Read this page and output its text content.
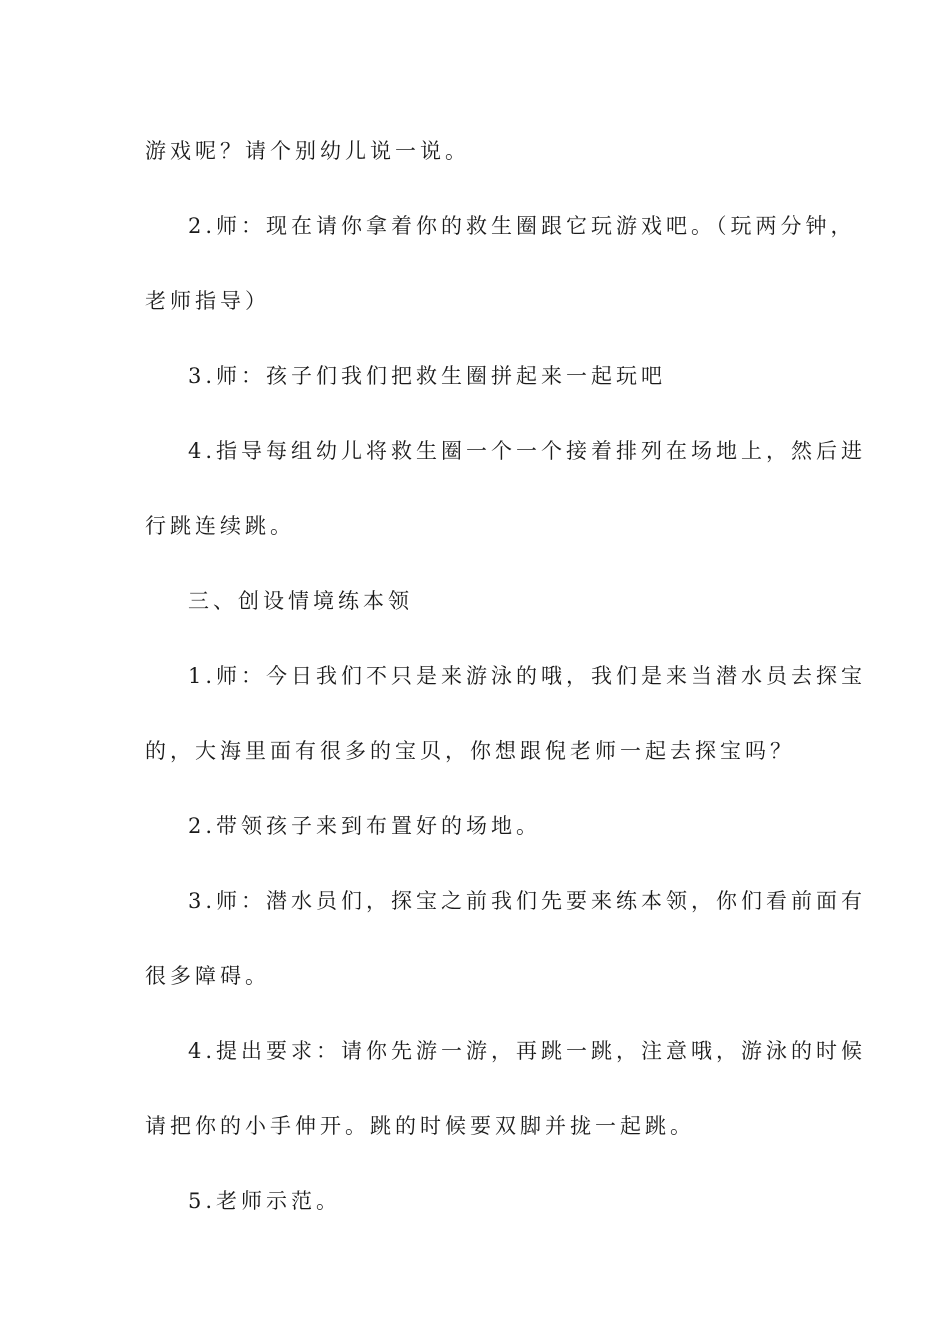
游戏呢？请个别幼儿说一说。
2.师：现在请你拿着你的救生圈跟它玩游戏吧。（玩两分钟，
老师指导）
3.师：孩子们我们把救生圈拼起来一起玩吧
4.指导每组幼儿将救生圈一个一个接着排列在场地上，然后进
行跳连续跳。
三、创设情境练本领
1.师：今日我们不只是来游泳的哦，我们是来当潜水员去探宝
的，大海里面有很多的宝贝，你想跟倪老师一起去探宝吗？
2.带领孩子来到布置好的场地。
3.师：潜水员们，探宝之前我们先要来练本领，你们看前面有
很多障碍。
4.提出要求：请你先游一游，再跳一跳，注意哦，游泳的时候
请把你的小手伸开。跳的时候要双脚并拢一起跳。
5.老师示范。
